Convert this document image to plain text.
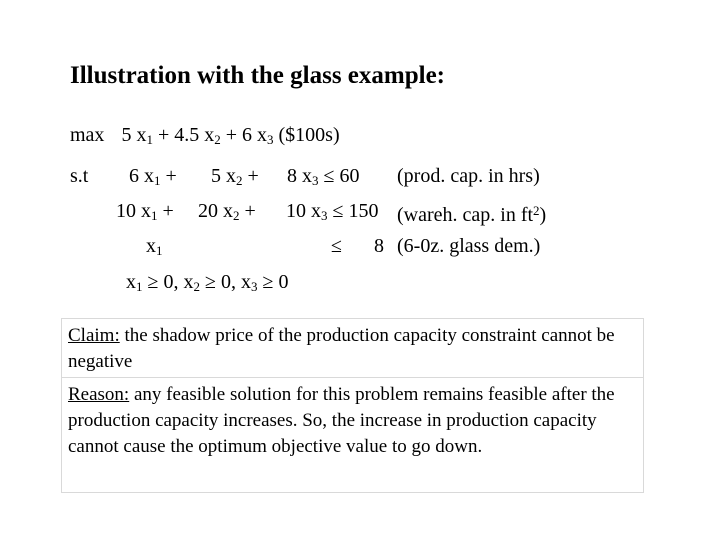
Illustration with the glass example:
max 5 $x_1 + 4.5$ $x_2 + 6$ $x_3$ ($100s)
s.t 6 $x_1 + 5$ $x_2 + 8$ $x_3 \le 60$ (prod. cap. in hrs)
10 $x_1 + 20$ $x_2 + 10$ $x_3 \le 150$ (wareh. cap. in $ft^2$)
$x_1$	≤ 8 (6-0z. glass dem.)
$x_1 \ge 0$, $x_2 \ge 0$, $x_3 \ge 0$

Claim: the shadow price of the production capacity constraint cannot be negative

Reason: any feasible solution for this problem remains feasible after the production capacity increases. So, the increase in production capacity cannot cause the optimum objective value to go down.
